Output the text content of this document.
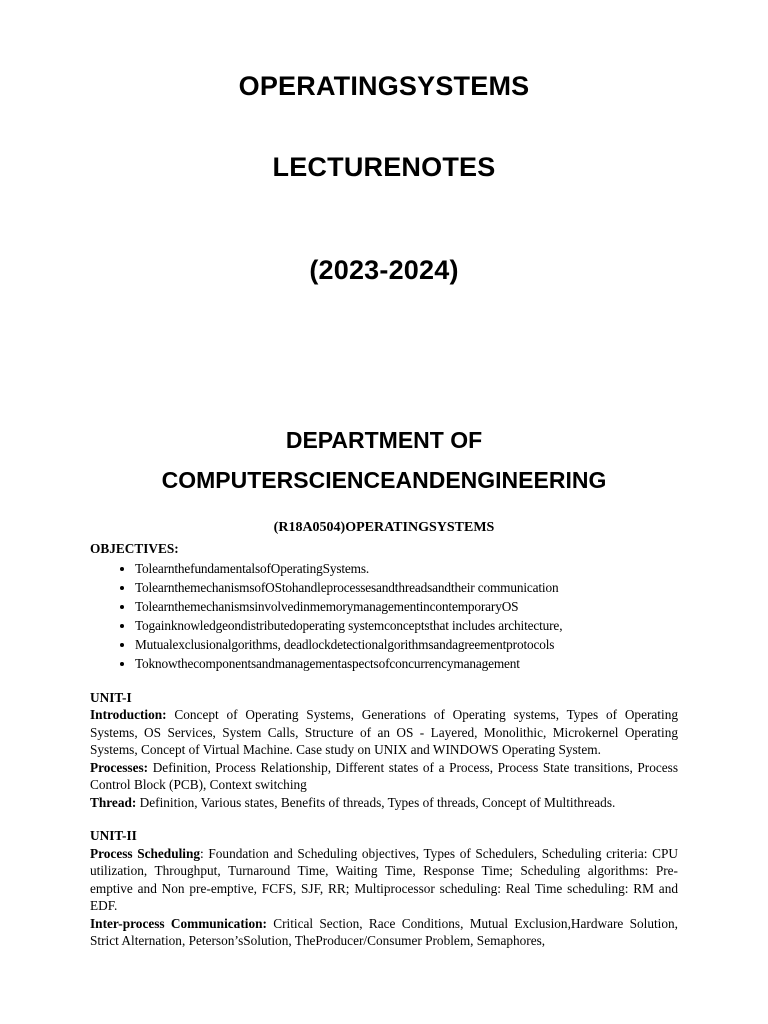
OPERATINGSYSTEMS
LECTURENOTES
(2023-2024)
DEPARTMENT OF
COMPUTERSCIENCEANDENGINEERING
(R18A0504)OPERATINGSYSTEMS
OBJECTIVES:
• TolearnthefundamentalsofOperatingSystems.
• TolearnthemechanismsofOStohandleprocessesandthreadsandtheir communication
• TolearnthemechanismsinvolvedinmemorymanagementincontemporaryOS
• Togainknowledgeondistributedoperating systemconceptsthat includes architecture,
• Mutualexclusionalgorithms, deadlockdetectionalgorithmsandagreementprotocols
• Toknowthecomponentsandmanagementaspectsofconcurrencymanagement
UNIT-I

Introduction: Concept of Operating Systems, Generations of Operating systems, Types of Operating Systems, OS Services, System Calls, Structure of an OS - Layered, Monolithic, Microkernel Operating Systems, Concept of Virtual Machine. Case study on UNIX and WINDOWS Operating System.

Processes: Definition, Process Relationship, Different states of a Process, Process State transitions, Process Control Block (PCB), Context switching

Thread: Definition, Various states, Benefits of threads, Types of threads, Concept of Multithreads.

UNIT-II

Process Scheduling: Foundation and Scheduling objectives, Types of Schedulers, Scheduling criteria: CPU utilization, Throughput, Turnaround Time, Waiting Time, Response Time; Scheduling algorithms: Pre-emptive and Non pre-emptive, FCFS, SJF, RR; Multiprocessor scheduling: Real Time scheduling: RM and EDF.

Inter-process Communication: Critical Section, Race Conditions, Mutual Exclusion,Hardware Solution, Strict Alternation, Peterson’sSolution, TheProducer/Consumer Problem, Semaphores,
